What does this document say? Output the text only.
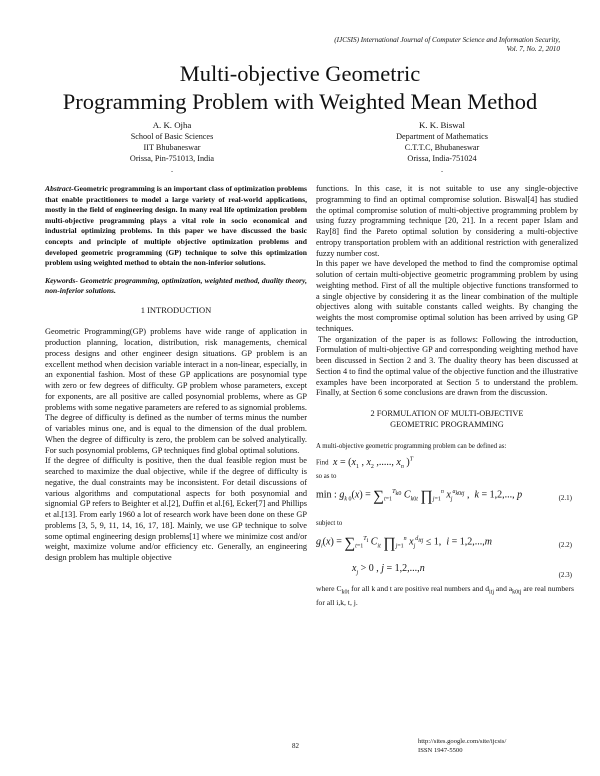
(IJCSIS) International Journal of Computer Science and Information Security,
Vol. 7, No. 2, 2010
Multi-objective Geometric
Programming Problem with Weighted Mean Method
A. K. Ojha
School of Basic Sciences
IIT Bhubaneswar
Orissa, Pin-751013, India
.
K. K. Biswal
Department of Mathematics
C.T.T.C, Bhubaneswar
Orissa, India-751024
.

Abstract-Geometric programming is an important class of optimization problems that enable practitioners to model a large variety of real-world applications, mostly in the field of engineering design. In many real life optimization problem multi-objective programming plays a vital role in socio economical and industrial optimizing problems. In this paper we have discussed the basic concepts and principle of multiple objective optimization problems and developed geometric programming (GP) technique to solve this optimization problem using weighted method to obtain the non-inferior solutions.

Keywords- Geometric programming, optimization, weighted method, duality theory, non-inferior solutions.

1 INTRODUCTION

Geometric Programming(GP) problems have wide range of application in production planning, location, distribution, risk managements, chemical process designs and other engineer design situations. GP problem is an excellent method when decision variable interact in a non-linear, especially, in an exponential fashion. Most of these GP applications are posynomial type with zero or few degrees of difficulty. GP problem whose parameters, except for exponents, are all positive are called posynomial problems, where as GP problems with some negative parameters are refered to as signomial problems. The degree of difficulty is defined as the number of terms minus the number of variables minus one, and is equal to the dimension of the dual problem. When the degree of difficulty is zero, the problem can be solved analytically. For such posynomial problems, GP techniques find global optimal solutions.

If the degree of difficulty is positive, then the dual feasible region must be searched to maximize the dual objective, while if the degree of difficulty is negative, the dual constraints may be inconsistent. For detail discussions of various algorithms and computational aspects for both posynomial and signomial GP refers to Beighter et al.[2], Duffin et al.[6], Ecker[7] and Phillips et al.[13]. From early 1960 a lot of research work have been done on these GP problems [3, 5, 9, 11, 14, 16, 17, 18]. Mainly, we use GP technique to solve some optimal engineering design problems[1] where we minimize cost and/or weight, maximize volume and/or efficiency etc. Generally, an engineering design problem has multiple objective

functions. In this case, it is not suitable to use any single-objective programming to find an optimal compromise solution. Biswal[4] has studied the optimal compromise solution of multi-objective programming problem by using fuzzy programming technique [20, 21]. In a recent paper Islam and Ray[8] find the Pareto optimal solution by considering a multi-objective entropy transportation problem with an additional restriction with generalized fuzzy number cost.

In this paper we have developed the method to find the compromise optimal solution of certain multi-objective geometric programming problem by using weighting method. First of all the multiple objective functions transformed to a single objective by considering it as the linear combination of the multiple objectives along with suitable constants called weights. By changing the weights the most compromise optimal solution has been arrived by using GP techniques.

The organization of the paper is as follows: Following the introduction, Formulation of multi-objective GP and corresponding weighting method have been discussed in Section 2 and 3. The duality theory has been discussed at Section 4 to find the optimal value of the objective function and the illustrative examples have been incorporated at Section 5 to understand the problem. Finally, at Section 6 some conclusions are drawn from the discussion.

2 FORMULATION OF MULTI-OBJECTIVE
GEOMETRIC PROGRAMMING

A multi-objective geometric programming problem can be defined as:

Find $x = (x_1$ , $x_2$ ,....., $x_n$ )$^T$
so as to
min : $g_{k 0}(x) = \sum_{t=1}^{T_{k0}}$ $C_{k0t}$ $\prod_{j=1}^n$ $x_j^{a_{k0tj}}$ ,  k = 1,2,..., p	(2.1)
subject to
$g_i(x) = \sum_{t=1}^{T_i}$ $C_{it}$ $\prod_{j=1}^n$ $x_j^{d_{itj}} \le 1$,  i = 1,2,...,m	(2.2)
$x_j > 0$ , j = 1,2,...,n
(2.3)

where $C_{k0t}$ for all k and t are positive real numbers and $d_{itj}$ and $a_{k0tj}$ are real numbers for all i,k, t, j.

82
http://sites.google.com/site/ijcsis/
ISSN 1947-5500
